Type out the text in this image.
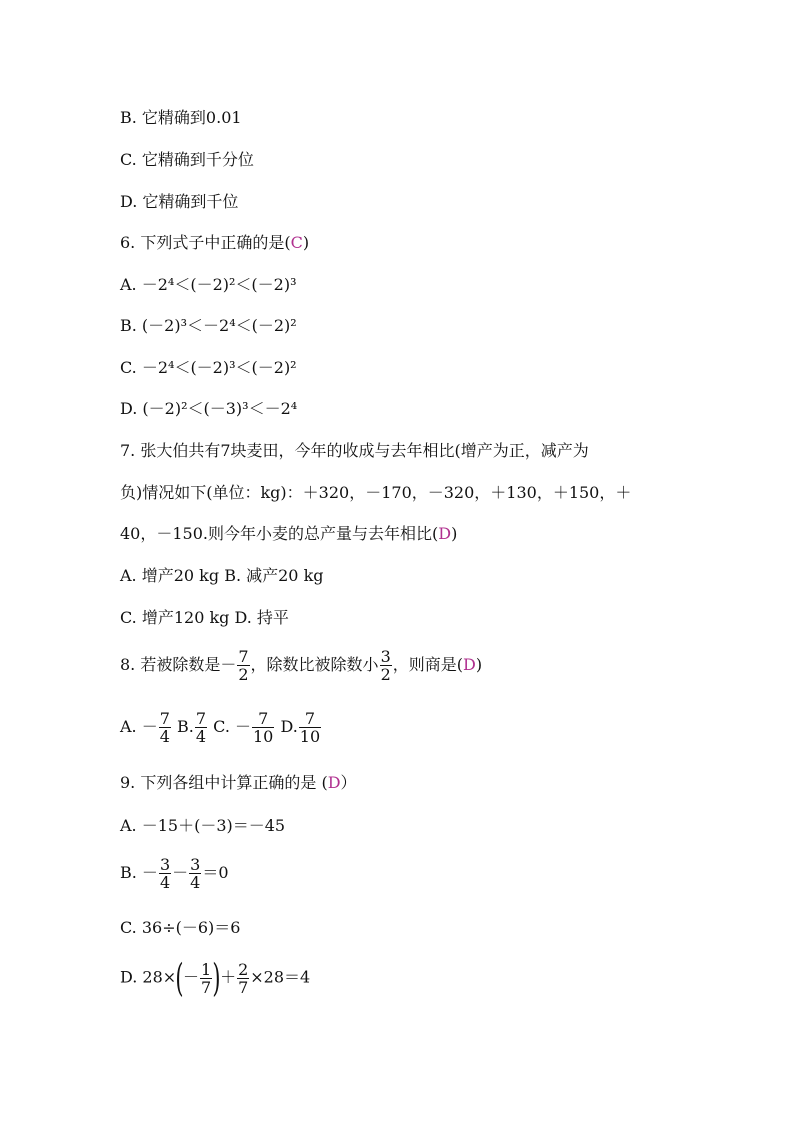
B. 它精确到0.01
C. 它精确到千分位
D. 它精确到千位
6. 下列式子中正确的是(C)
A. －2⁴＜(－2)²＜(－2)³
B. (－2)³＜－2⁴＜(－2)²
C. －2⁴＜(－2)³＜(－2)²
D. (－2)²＜(－3)³＜－2⁴
7. 张大伯共有7块麦田，今年的收成与去年相比(增产为正，减产为
负)情况如下(单位：kg)：＋320，－170，－320，＋130，＋150，＋
40，－150.则今年小麦的总产量与去年相比(D)
A. 增产20 kg B. 减产20 kg
C. 增产120 kg D. 持平
8. 若被除数是－ $\frac{7}{2}$ ，除数比被除数小 $\frac{3}{2}$ ，则商是(D)
A. － $\frac{7}{4} B$. $\frac{7}{4} C$. － $\frac{7}{10} D$. $\frac{7}{10}$
9. 下列各组中计算正确的是 (D）
A. －15＋(－3)＝－45
B. － $\frac{3}{4} - \frac{3}{4} =0$
C. 36÷(－6)＝6
D. $28\times(- \frac{1}{7}$ )＋ $\frac{2}{7} \times 28=4$
